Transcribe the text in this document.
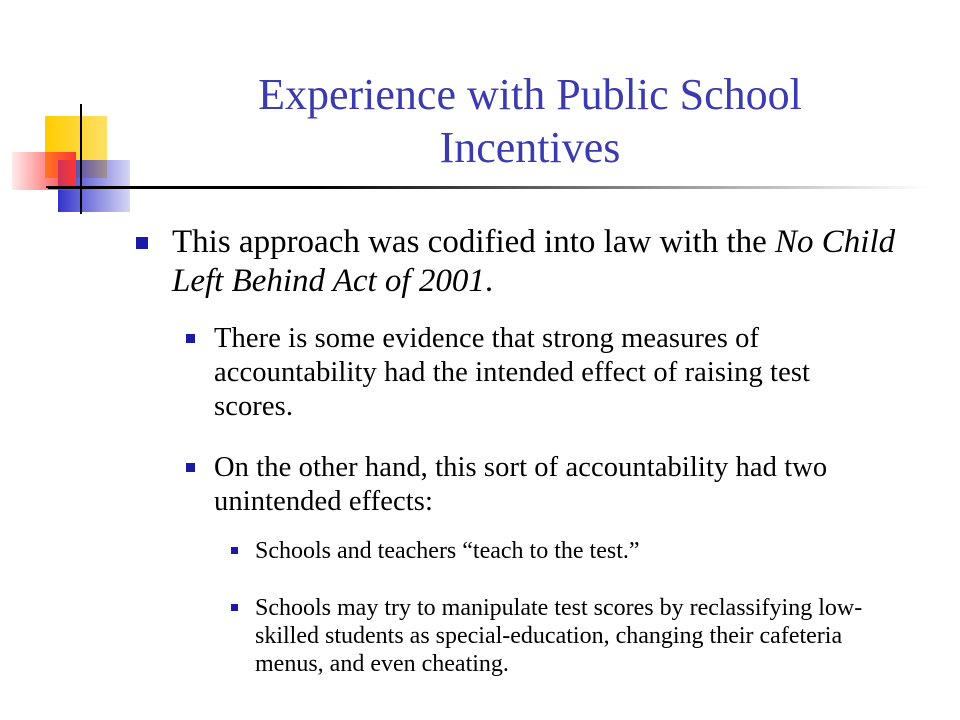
Experience with Public School Incentives
This approach was codified into law with the No Child Left Behind Act of 2001.
There is some evidence that strong measures of accountability had the intended effect of raising test scores.
On the other hand, this sort of accountability had two unintended effects:
Schools and teachers “teach to the test.”
Schools may try to manipulate test scores by reclassifying low-skilled students as special-education, changing their cafeteria menus, and even cheating.
